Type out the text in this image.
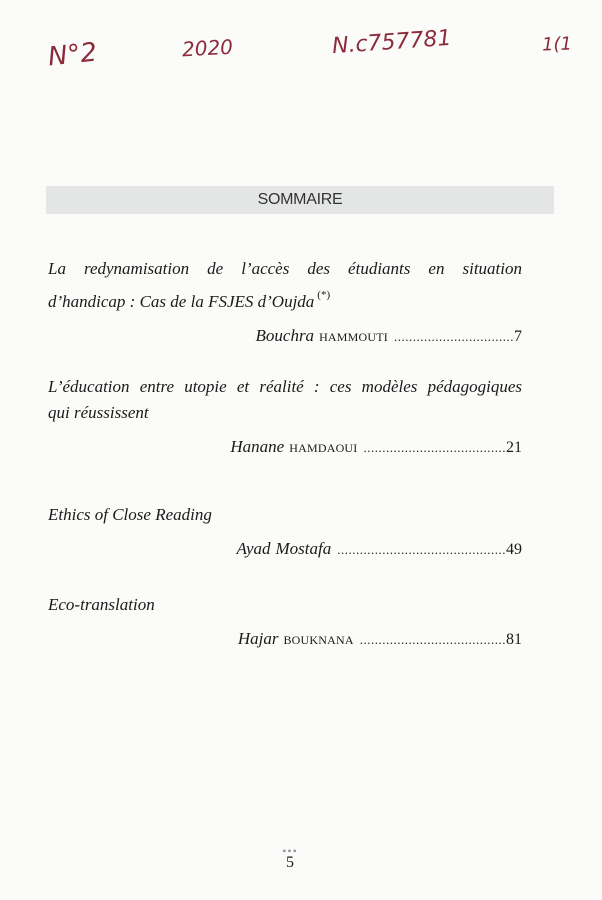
N°2	2020	N.c757781	1(1
SOMMAIRE

La redynamisation de l’accès des étudiants en situation

d’handicap : Cas de la FSJES d’Oujda (*)

Bouchra HAMMOUTI ................................ 7

L’éducation entre utopie et réalité : ces modèles pédagogiques

qui réussissent

Hanane HAMDAOUI ...................................... 21

Ethics of Close Reading

Ayad Mostafa ............................................. 49

Eco-translation

Hajar BOUKNANA ....................................... 81
•••
5
